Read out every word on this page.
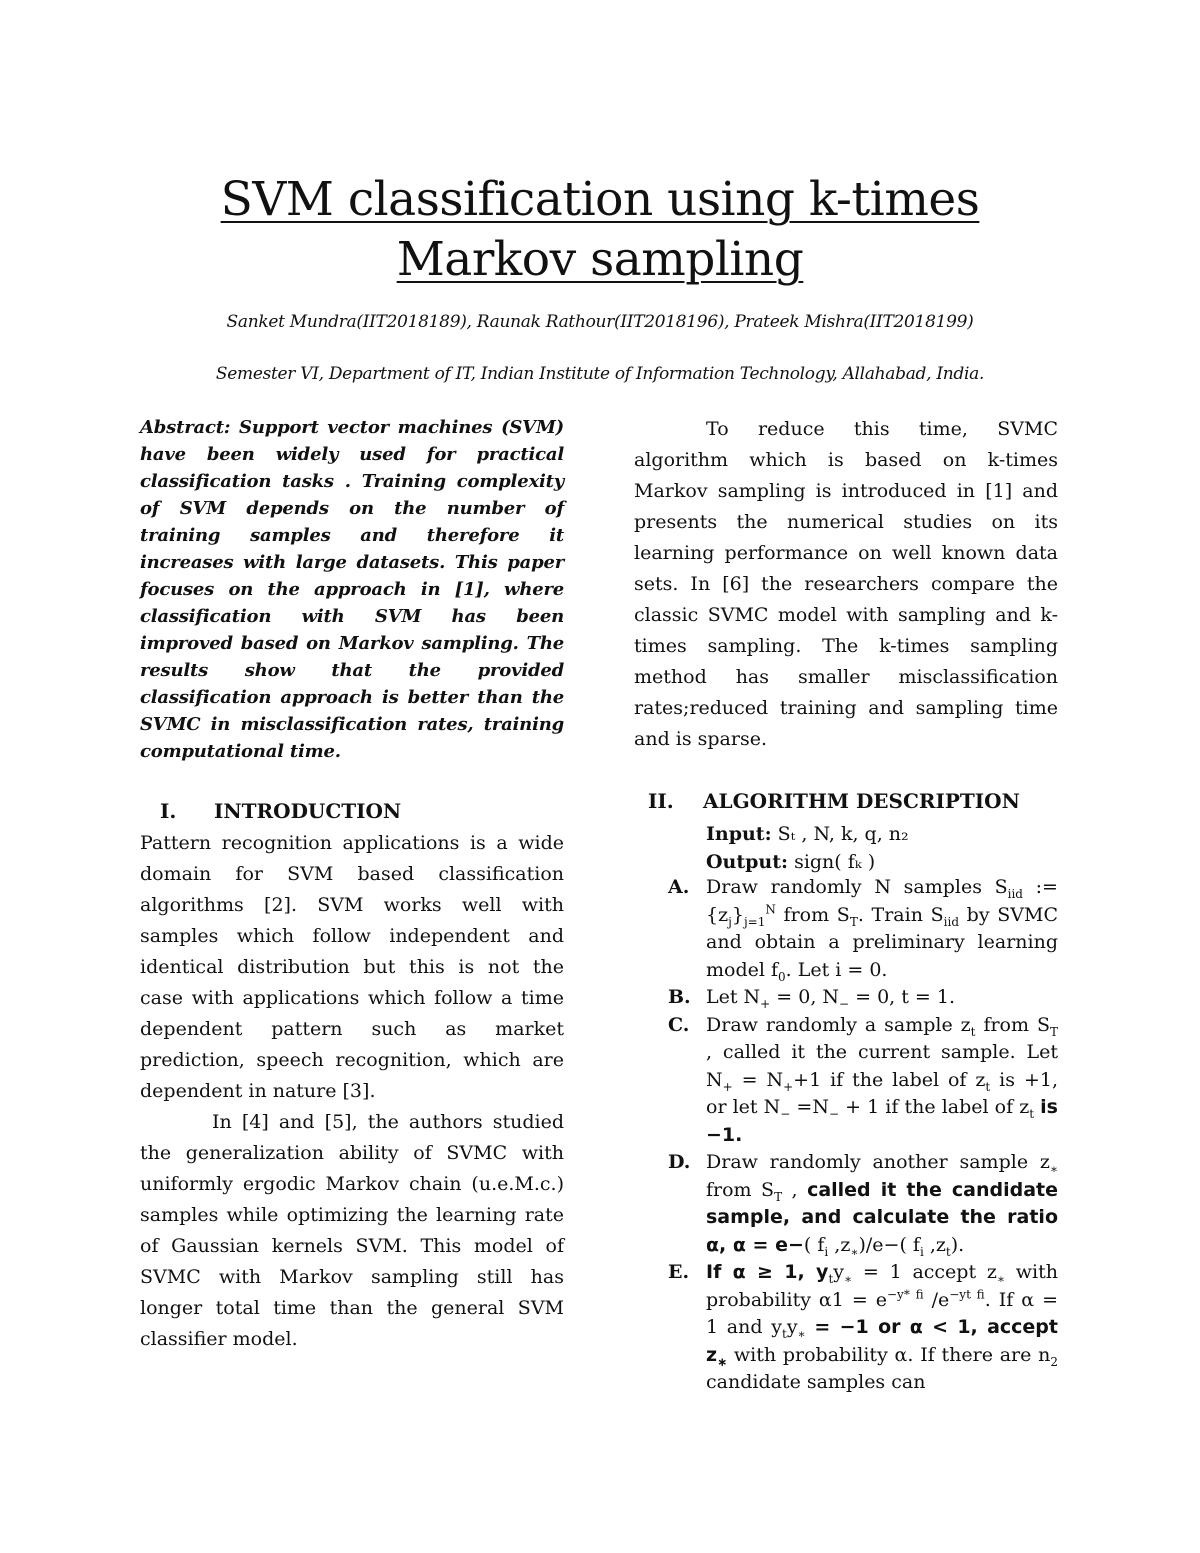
SVM classification using k-times Markov sampling
Sanket Mundra(IIT2018189), Raunak Rathour(IIT2018196), Prateek Mishra(IIT2018199)
Semester VI, Department of IT, Indian Institute of Information Technology, Allahabad, India.
Abstract: Support vector machines (SVM) have been widely used for practical classification tasks . Training complexity of SVM depends on the number of training samples and therefore it increases with large datasets. This paper focuses on the approach in [1], where classification with SVM has been improved based on Markov sampling. The results show that the provided classification approach is better than the SVMC in misclassification rates, training computational time.

To reduce this time, SVMC algorithm which is based on k-times Markov sampling is introduced in [1] and presents the numerical studies on its learning performance on well known data sets. In [6] the researchers compare the classic SVMC model with sampling and k-times sampling. The k-times sampling method has smaller misclassification rates;reduced training and sampling time and is sparse.

I. INTRODUCTION

Pattern recognition applications is a wide domain for SVM based classification algorithms [2]. SVM works well with samples which follow independent and identical distribution but this is not the case with applications which follow a time dependent pattern such as market prediction, speech recognition, which are dependent in nature [3].

In [4] and [5], the authors studied the generalization ability of SVMC with uniformly ergodic Markov chain (u.e.M.c.) samples while optimizing the learning rate of Gaussian kernels SVM. This model of SVMC with Markov sampling still has longer total time than the general SVM classifier model.

II. ALGORITHM DESCRIPTION
Input: Sₜ , N, k, q, n₂
Output: sign( fₖ )
A. Draw randomly N samples $S_{iid}$ := $\{z_j\}_{j=1}^N$ from $S_T$. Train $S_{iid}$ by SVMC and obtain a preliminary learning model $f_0$. Let i = 0.
B. Let $N_+ = 0$, $N_- = 0$, t = 1.
C. Draw randomly a sample $z_t$ from $S_T$ , called it the current sample. Let $N_+ = N_++1$ if the label of $z_t$ is +1, or let $N_- =N_- + 1$ if the label of $z_t$ is −1.
D. Draw randomly another sample $z_∗$ from $S_T$ , called it the candidate sample, and calculate the ratio α, α = e−( $f_i$ $,z_∗)/e-$( $f_i$ $,z_t$).
E. If α ≥ 1, $y_ty_∗ = 1$ accept $z_∗$ with probability $\alpha 1 = e^{-y* fi}$ $/e^{-yt fi}$. If α = 1 and $y_ty_∗ = -1$ or α < 1, accept $z_∗$ with probability α. If there are $n_2$ candidate samples can
